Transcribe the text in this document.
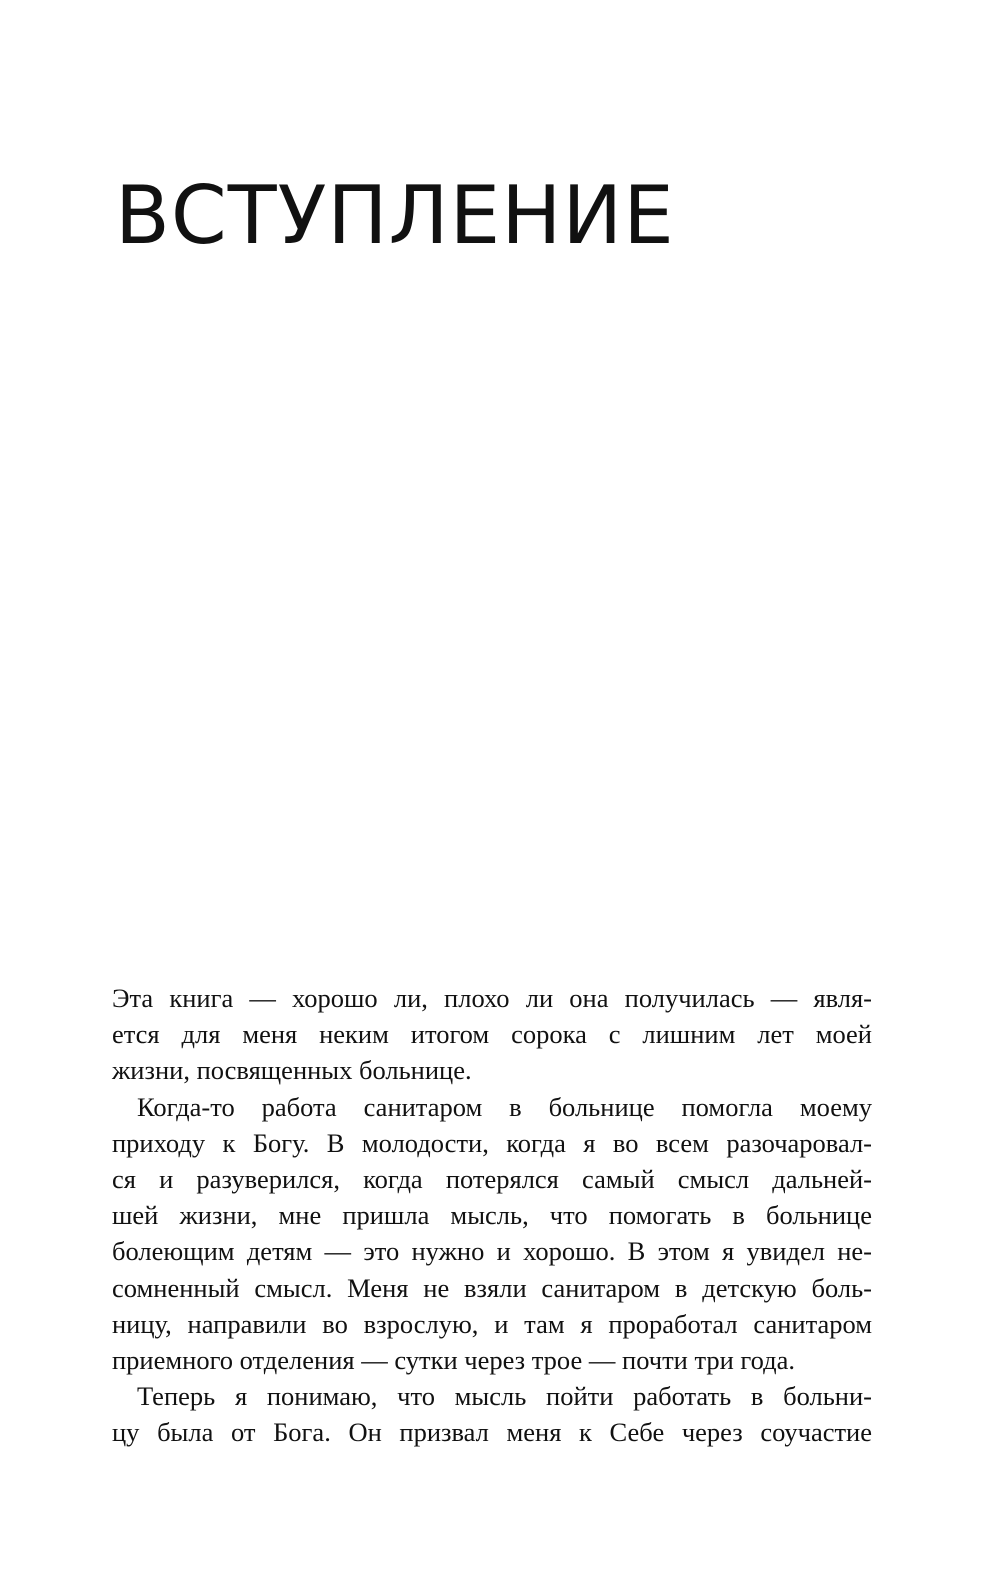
ВСТУПЛЕНИЕ
Эта книга — хорошо ли, плохо ли она получилась — явля-
ется для меня неким итогом сорока с лишним лет моей
жизни, посвященных больнице.
Когда-то работа санитаром в больнице помогла моему
приходу к Богу. В молодости, когда я во всем разочаровал-
ся и разуверился, когда потерялся самый смысл дальней-
шей жизни, мне пришла мысль, что помогать в больнице
болеющим детям — это нужно и хорошо. В этом я увидел не-
сомненный смысл. Меня не взяли санитаром в детскую боль-
ницу, направили во взрослую, и там я проработал санитаром
приемного отделения — сутки через трое — почти три года.
Теперь я понимаю, что мысль пойти работать в больни-
цу была от Бога. Он призвал меня к Себе через соучастие
